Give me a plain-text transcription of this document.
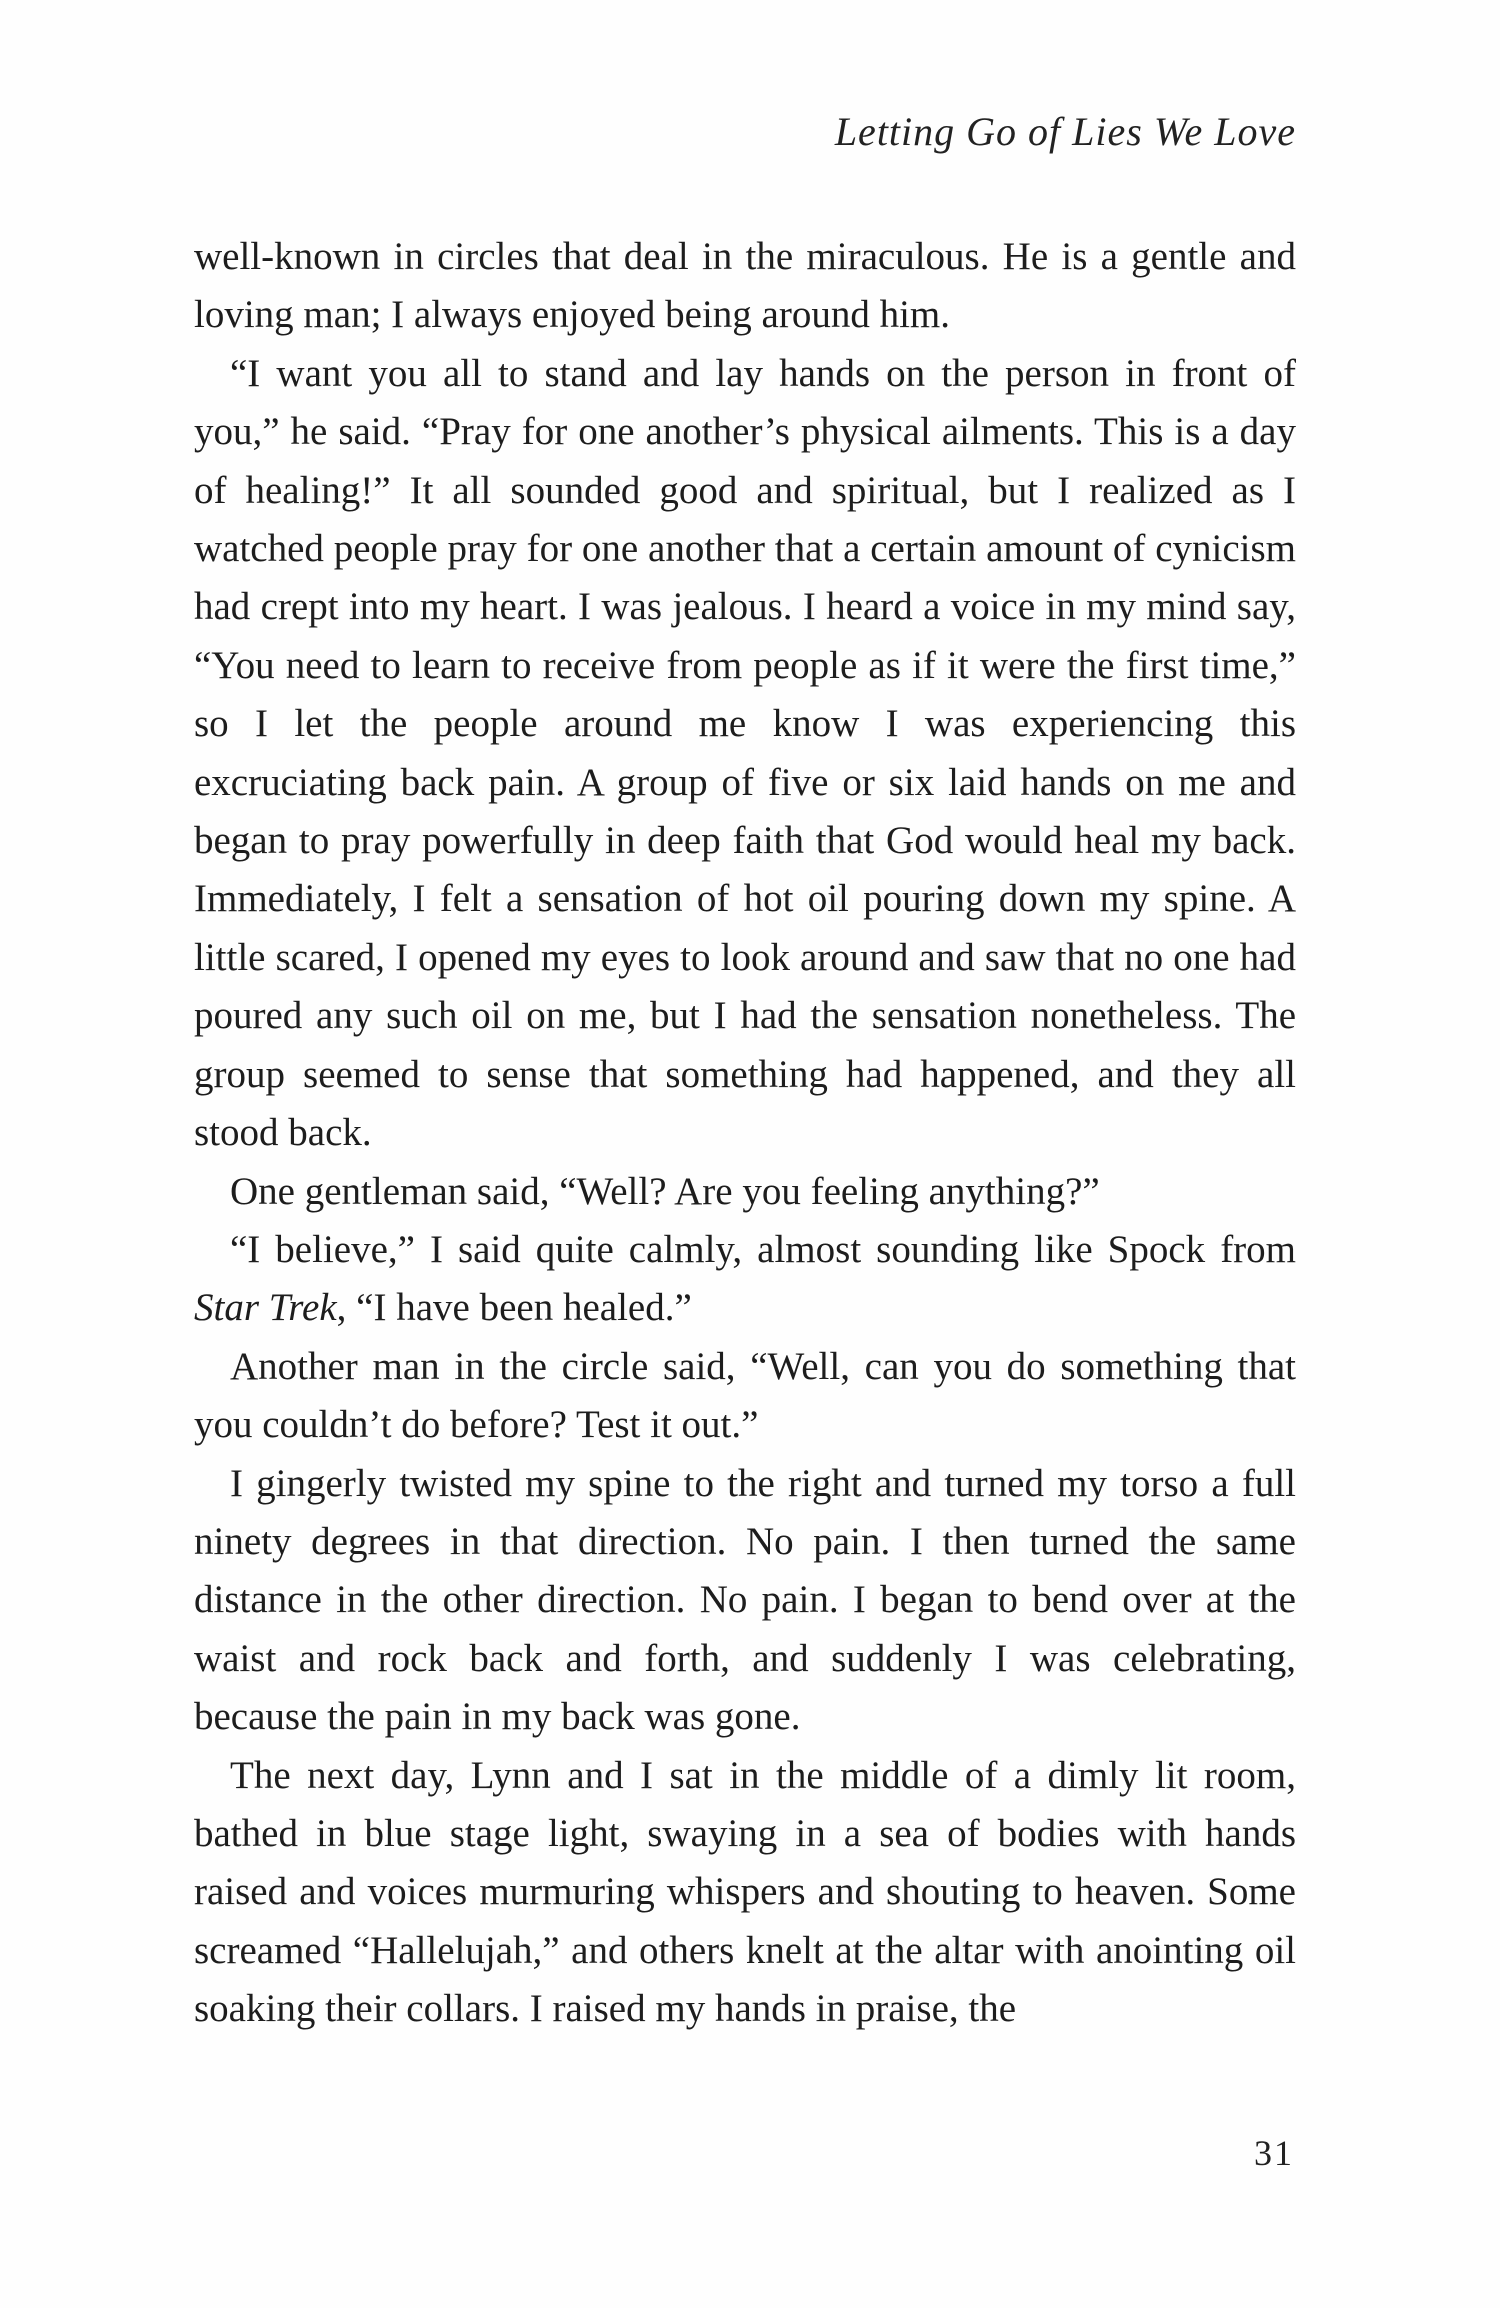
Letting Go of Lies We Love

well-known in circles that deal in the miraculous. He is a gentle and loving man; I always enjoyed being around him.

“I want you all to stand and lay hands on the person in front of you,” he said. “Pray for one another’s physical ailments. This is a day of healing!” It all sounded good and spiritual, but I realized as I watched people pray for one another that a certain amount of cynicism had crept into my heart. I was jealous. I heard a voice in my mind say, “You need to learn to receive from people as if it were the first time,” so I let the people around me know I was experiencing this excruciating back pain. A group of five or six laid hands on me and began to pray powerfully in deep faith that God would heal my back. Immediately, I felt a sensation of hot oil pouring down my spine. A little scared, I opened my eyes to look around and saw that no one had poured any such oil on me, but I had the sensation nonetheless. The group seemed to sense that something had happened, and they all stood back.

One gentleman said, “Well? Are you feeling anything?”

“I believe,” I said quite calmly, almost sounding like Spock from Star Trek, “I have been healed.”

Another man in the circle said, “Well, can you do something that you couldn’t do before? Test it out.”

I gingerly twisted my spine to the right and turned my torso a full ninety degrees in that direction. No pain. I then turned the same distance in the other direction. No pain. I began to bend over at the waist and rock back and forth, and suddenly I was celebrating, because the pain in my back was gone.

The next day, Lynn and I sat in the middle of a dimly lit room, bathed in blue stage light, swaying in a sea of bodies with hands raised and voices murmuring whispers and shouting to heaven. Some screamed “Hallelujah,” and others knelt at the altar with anointing oil soaking their collars. I raised my hands in praise, the

31
